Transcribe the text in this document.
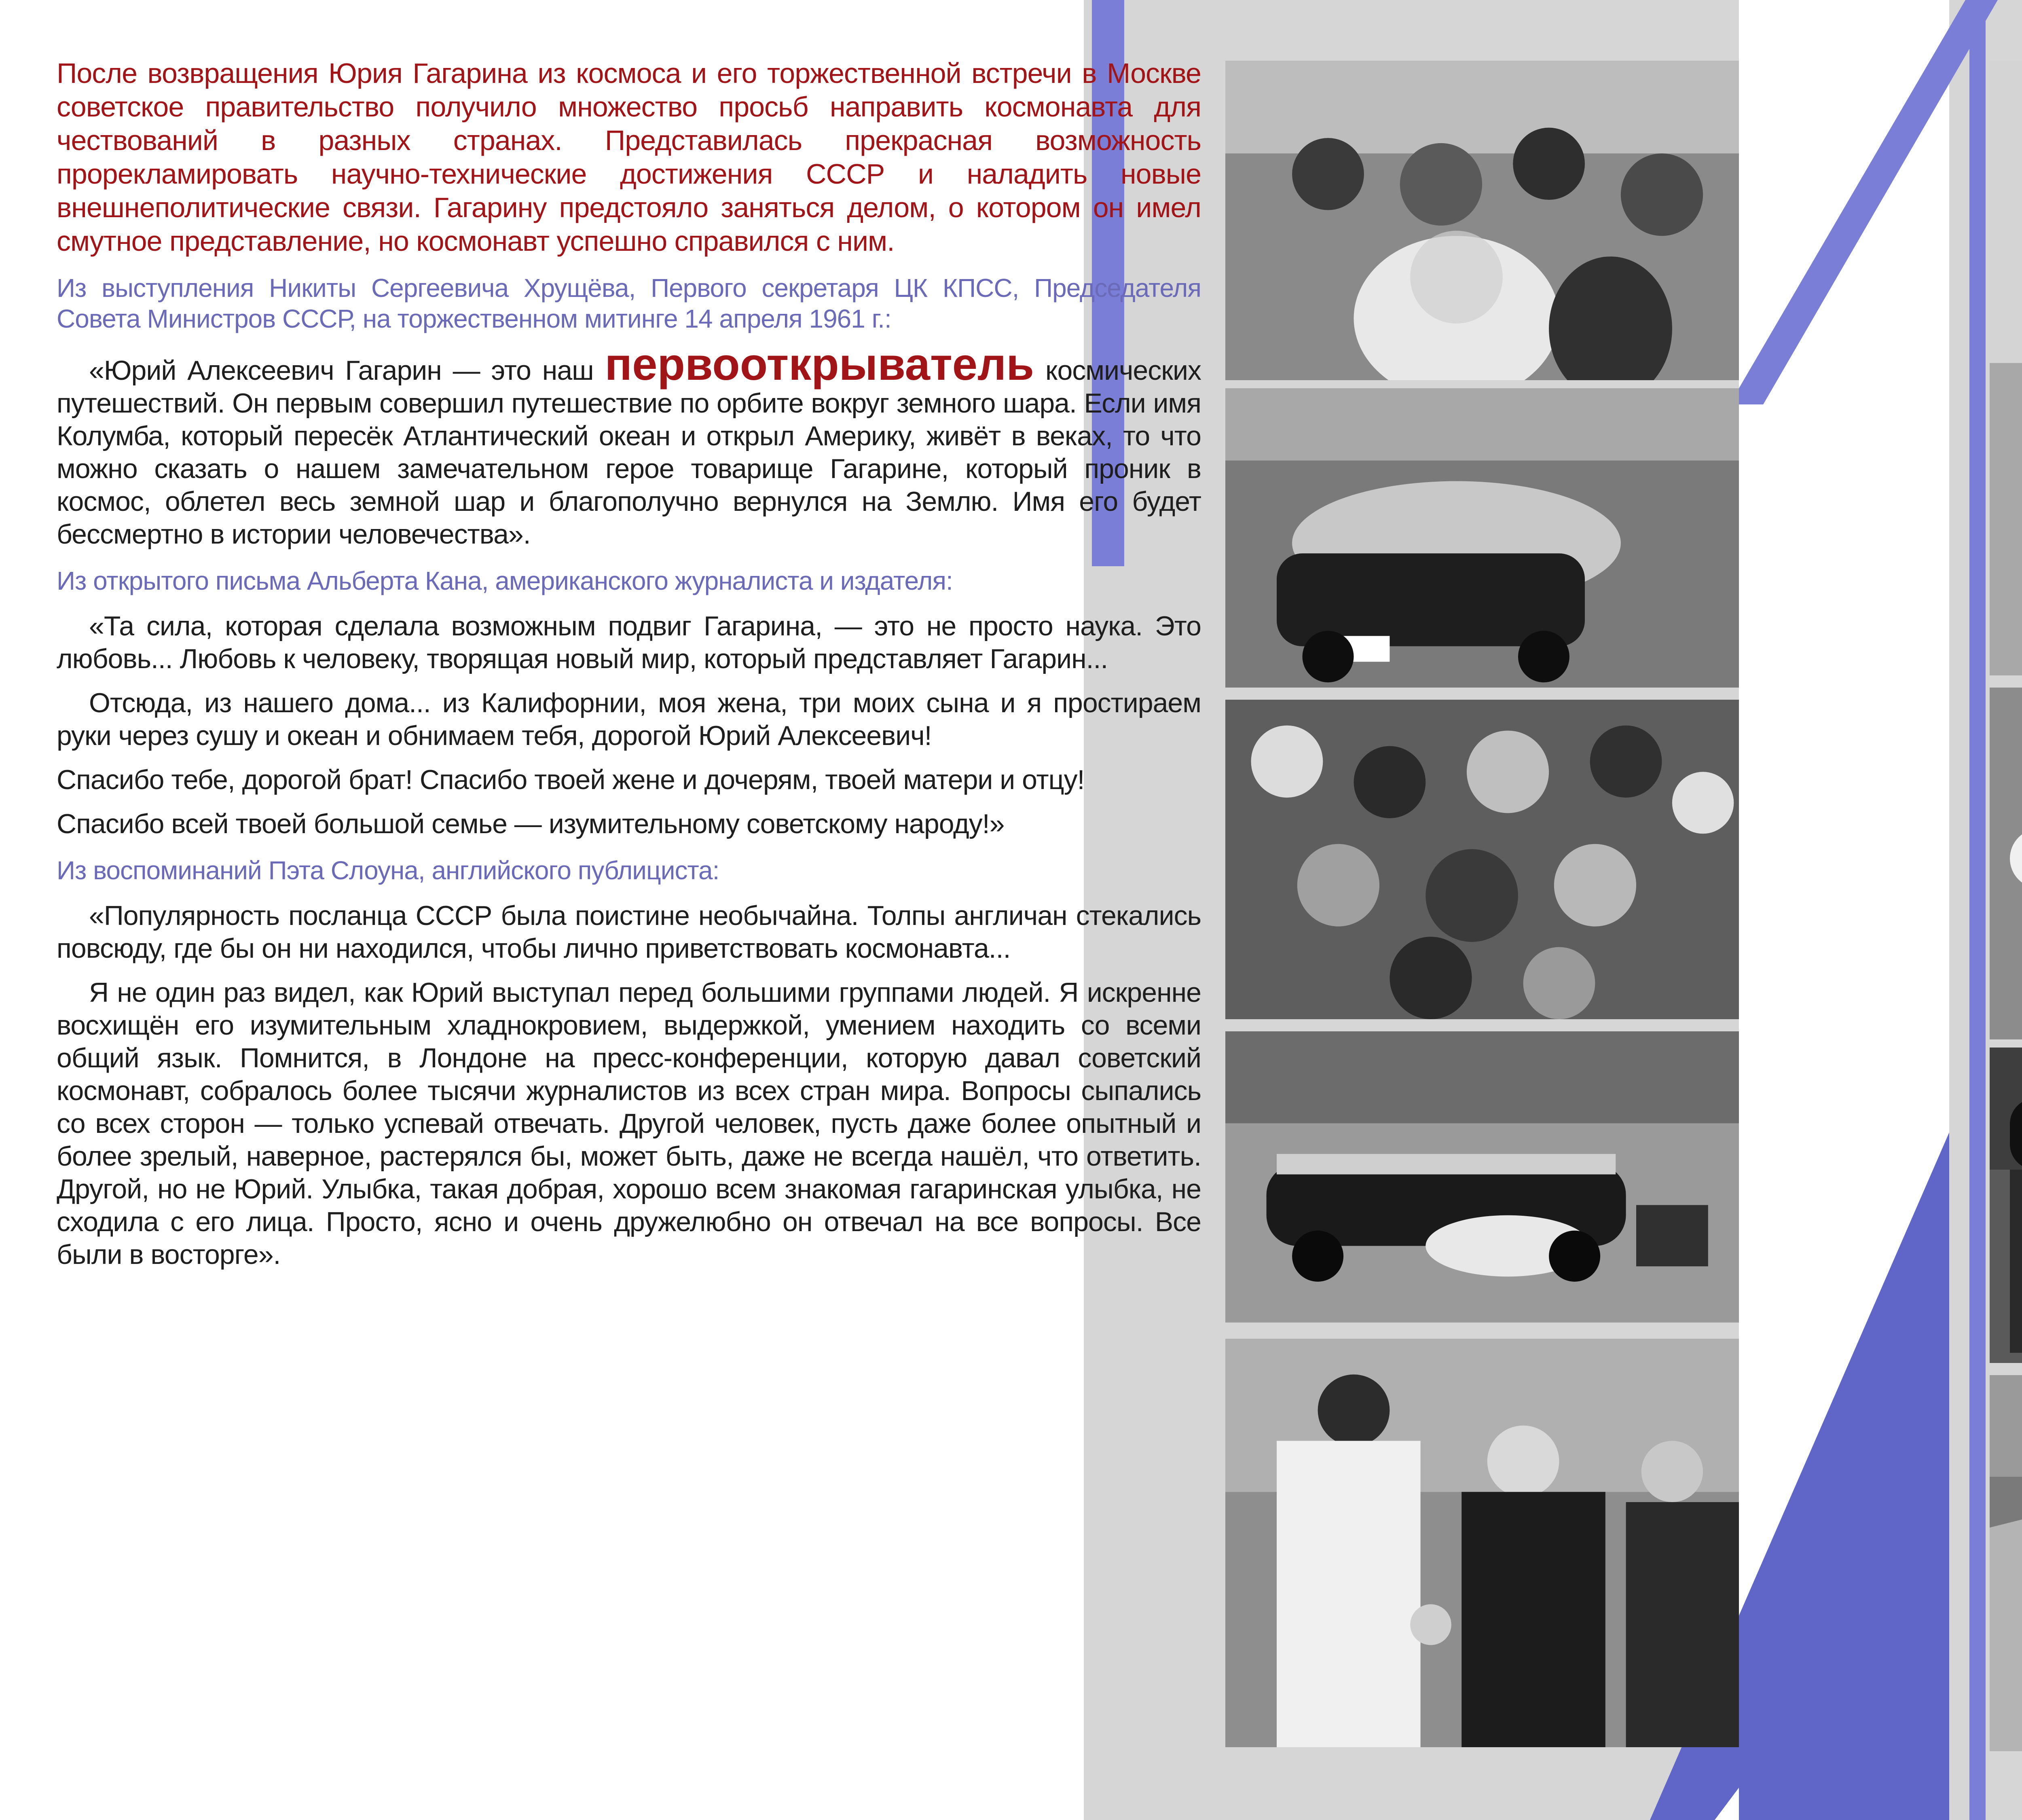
После возвращения Юрия Гагарина из космоса и его торжественной встречи в Москве советское правительство получило множество просьб направить космонавта для чествований в разных странах. Представилась прекрасная возможность прорекламировать научно-технические достижения СССР и наладить новые внешнеполитические связи. Гагарину предстояло заняться делом, о котором он имел смутное представление, но космонавт успешно справился с ним.

Из выступления Никиты Сергеевича Хрущёва, Первого секретаря ЦК КПСС, Председателя Совета Министров СССР, на торжественном митинге 14 апреля 1961 г.:

«Юрий Алексеевич Гагарин — это наш первооткрыватель космических путешествий. Он первым совершил путешествие по орбите вокруг земного шара. Если имя Колумба, который пересёк Атлантический океан и открыл Америку, живёт в веках, то что можно сказать о нашем замечательном герое товарище Гагарине, который проник в космос, облетел весь земной шар и благополучно вернулся на Землю. Имя его будет бессмертно в истории человечества».

Из открытого письма Альберта Кана, американского журналиста и издателя:

«Та сила, которая сделала возможным подвиг Гагарина, — это не просто наука. Это любовь... Любовь к человеку, творящая новый мир, который представляет Гагарин...

Отсюда, из нашего дома... из Калифорнии, моя жена, три моих сына и я простираем руки через сушу и океан и обнимаем тебя, дорогой Юрий Алексеевич!

Спасибо тебе, дорогой брат! Спасибо твоей жене и дочерям, твоей матери и отцу!

Спасибо всей твоей большой семье — изумительному советскому народу!»

Из воспоминаний Пэта Слоуна, английского публициста:

«Популярность посланца СССР была поистине необычайна. Толпы англичан стекались повсюду, где бы он ни находился, чтобы лично приветствовать космонавта...

Я не один раз видел, как Юрий выступал перед большими группами людей. Я искренне восхищён его изумительным хладнокровием, выдержкой, умением находить со всеми общий язык. Помнится, в Лондоне на пресс-конференции, которую давал советский космонавт, собралось более тысячи журналистов из всех стран мира. Вопросы сыпались со всех сторон — только успевай отвечать. Другой человек, пусть даже более опытный и более зрелый, наверное, растерялся бы, может быть, даже не всегда нашёл, что ответить. Другой, но не Юрий. Улыбка, такая добрая, хорошо всем знакомая гагаринская улыбка, не сходила с его лица. Просто, ясно и очень дружелюбно он отвечал на все вопросы. Все были в восторге».
